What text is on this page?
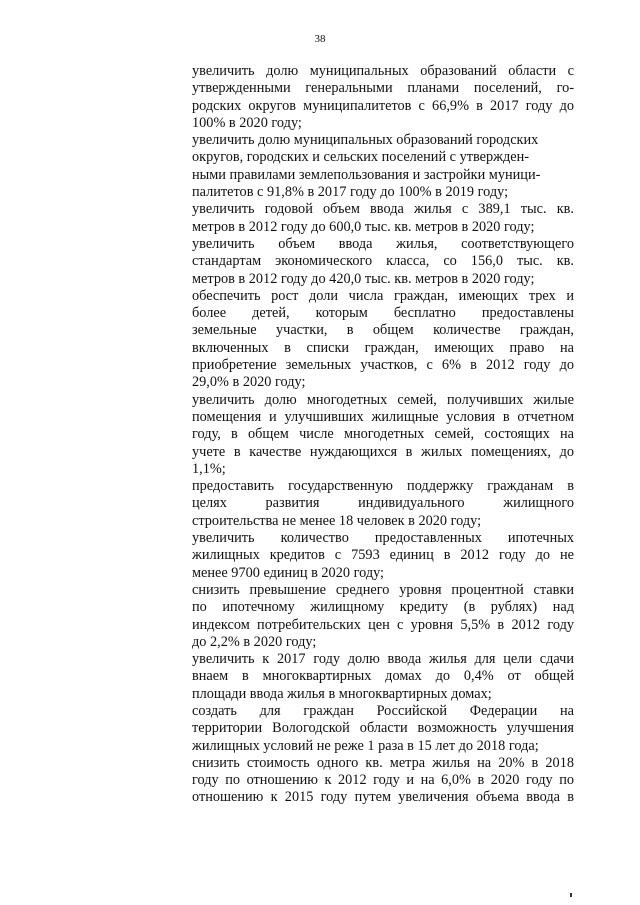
38
увеличить долю муниципальных образований области с
утвержденными генеральными планами поселений, го-
родских округов муниципалитетов с 66,9% в 2017 году до
100% в 2020 году;
увеличить долю муниципальных образований городских
округов, городских и сельских поселений с утвержден-
ными правилами землепользования и застройки муници-
палитетов с 91,8% в 2017 году до 100% в 2019 году;
увеличить годовой объем ввода жилья с 389,1 тыс. кв.
метров в 2012 году до 600,0 тыс. кв. метров в 2020 году;
увеличить объем ввода жилья, соответствующего
стандартам экономического класса, со 156,0 тыс. кв.
метров в 2012 году до 420,0 тыс. кв. метров в 2020 году;
обеспечить рост доли числа граждан, имеющих трех и
более детей, которым бесплатно предоставлены
земельные участки, в общем количестве граждан,
включенных в списки граждан, имеющих право на
приобретение земельных участков, с 6% в 2012 году до
29,0% в 2020 году;
увеличить долю многодетных семей, получивших жилые
помещения и улучшивших жилищные условия в отчетном
году, в общем числе многодетных семей, состоящих на
учете в качестве нуждающихся в жилых помещениях, до
1,1%;
предоставить государственную поддержку гражданам в
целях развития индивидуального жилищного
строительства не менее 18 человек в 2020 году;
увеличить количество предоставленных ипотечных
жилищных кредитов с 7593 единиц в 2012 году до не
менее 9700 единиц в 2020 году;
снизить превышение среднего уровня процентной ставки
по ипотечному жилищному кредиту (в рублях) над
индексом потребительских цен с уровня 5,5% в 2012 году
до 2,2% в 2020 году;
увеличить к 2017 году долю ввода жилья для цели сдачи
внаем в многоквартирных домах до 0,4% от общей
площади ввода жилья в многоквартирных домах;
создать для граждан Российской Федерации на
территории Вологодской области возможность улучшения
жилищных условий не реже 1 раза в 15 лет до 2018 года;
снизить стоимость одного кв. метра жилья на 20% в 2018
году по отношению к 2012 году и на 6,0% в 2020 году по
отношению к 2015 году путем увеличения объема ввода в
